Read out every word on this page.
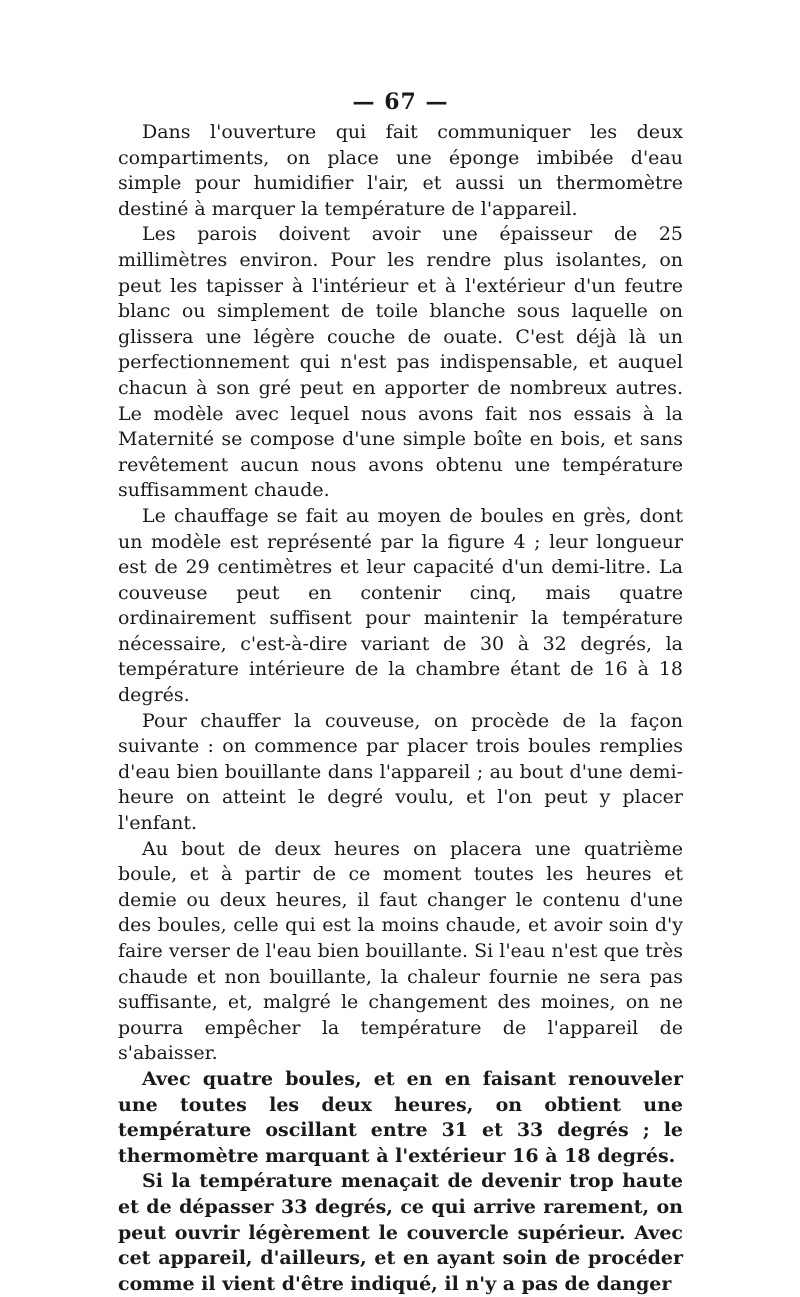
— 67 —

Dans l'ouverture qui fait communiquer les deux compartiments, on place une éponge imbibée d'eau simple pour humidifier l'air, et aussi un thermomètre destiné à marquer la température de l'appareil.

Les parois doivent avoir une épaisseur de 25 millimètres environ. Pour les rendre plus isolantes, on peut les tapisser à l'intérieur et à l'extérieur d'un feutre blanc ou simplement de toile blanche sous laquelle on glissera une légère couche de ouate. C'est déjà là un perfectionnement qui n'est pas indispensable, et auquel chacun à son gré peut en apporter de nombreux autres. Le modèle avec lequel nous avons fait nos essais à la Maternité se compose d'une simple boîte en bois, et sans revêtement aucun nous avons obtenu une température suffisamment chaude.

Le chauffage se fait au moyen de boules en grès, dont un modèle est représenté par la figure 4 ; leur longueur est de 29 centimètres et leur capacité d'un demi-litre. La couveuse peut en contenir cinq, mais quatre ordinairement suffisent pour maintenir la température nécessaire, c'est-à-dire variant de 30 à 32 degrés, la température intérieure de la chambre étant de 16 à 18 degrés.

Pour chauffer la couveuse, on procède de la façon suivante : on commence par placer trois boules remplies d'eau bien bouillante dans l'appareil ; au bout d'une demi-heure on atteint le degré voulu, et l'on peut y placer l'enfant.

Au bout de deux heures on placera une quatrième boule, et à partir de ce moment toutes les heures et demie ou deux heures, il faut changer le contenu d'une des boules, celle qui est la moins chaude, et avoir soin d'y faire verser de l'eau bien bouillante. Si l'eau n'est que très chaude et non bouillante, la chaleur fournie ne sera pas suffisante, et, malgré le changement des moines, on ne pourra empêcher la température de l'appareil de s'abaisser.

Avec quatre boules, et en en faisant renouveler une toutes les deux heures, on obtient une température oscillant entre 31 et 33 degrés ; le thermomètre marquant à l'extérieur 16 à 18 degrés.

Si la température menaçait de devenir trop haute et de dépasser 33 degrés, ce qui arrive rarement, on peut ouvrir légèrement le couvercle supérieur. Avec cet appareil, d'ailleurs, et en ayant soin de procéder comme il vient d'être indiqué, il n'y a pas de danger
